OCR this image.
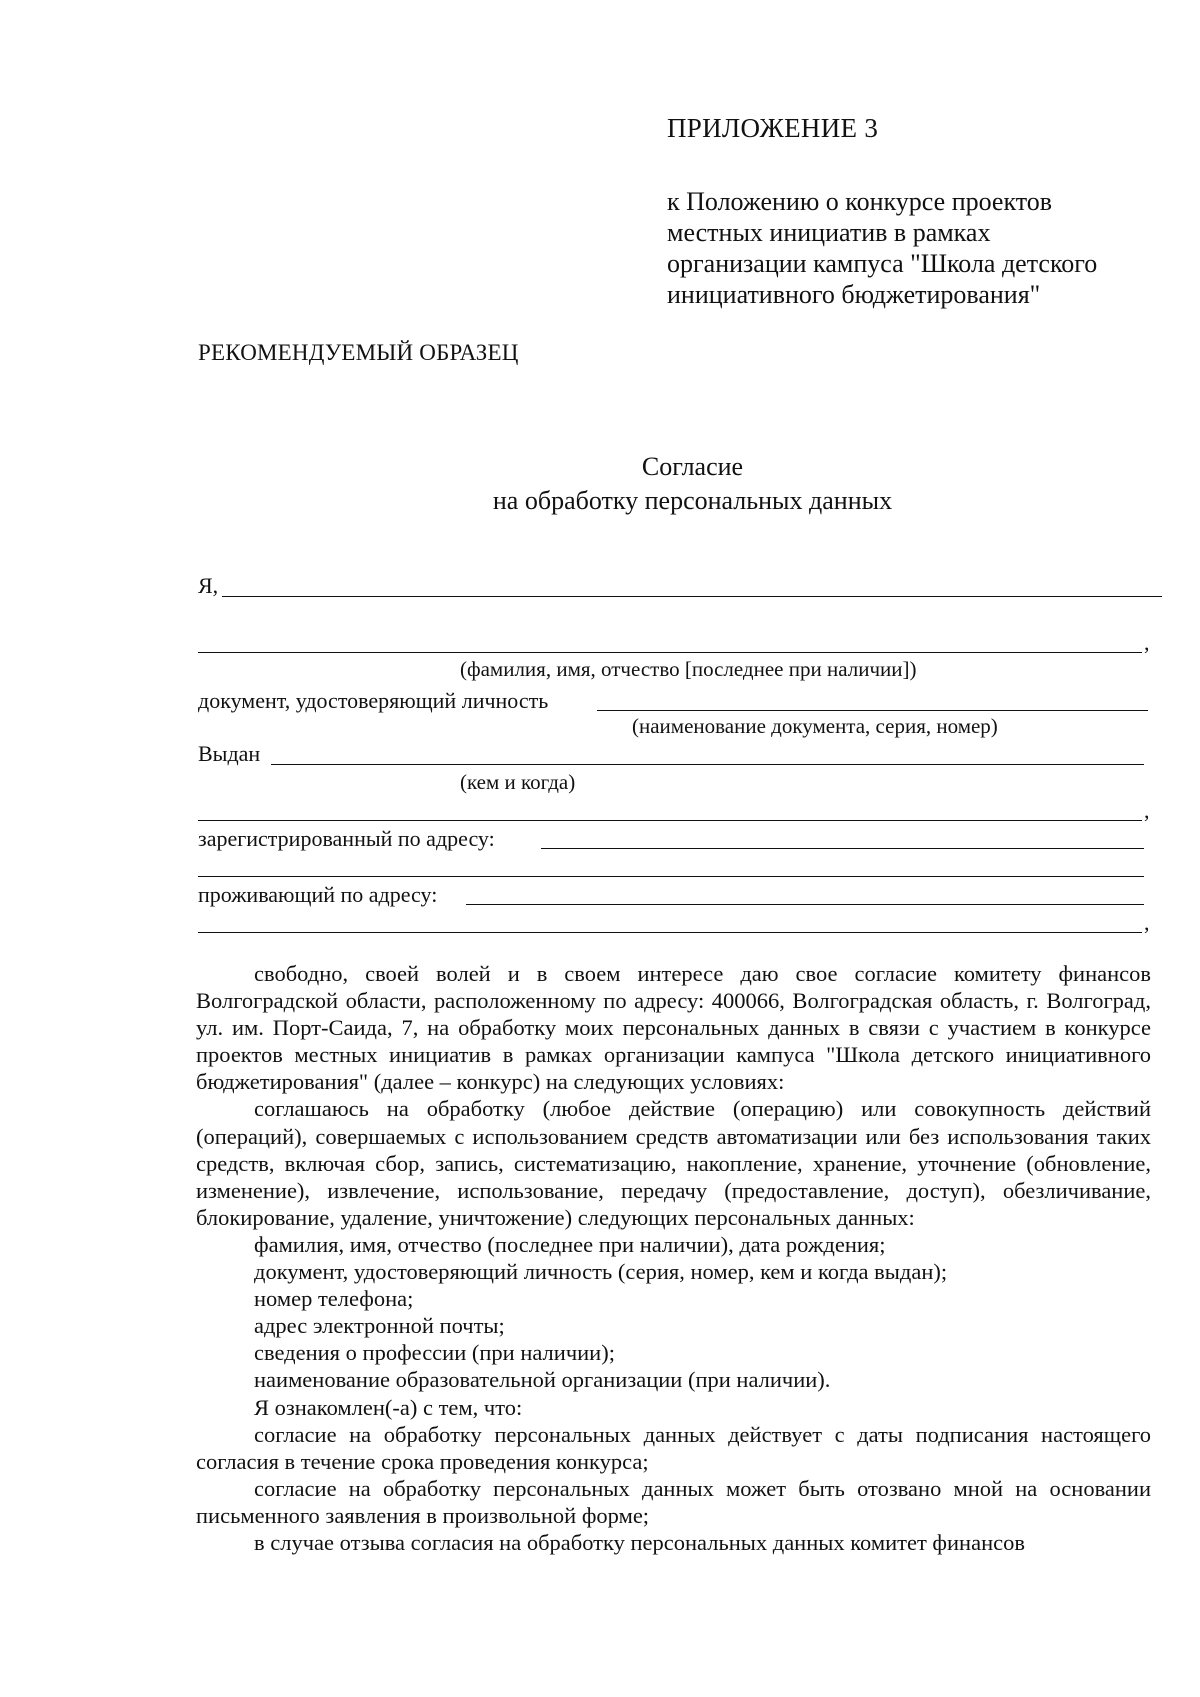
ПРИЛОЖЕНИЕ 3
к Положению о конкурсе проектов
местных инициатив в рамках
организации кампуса "Школа детского
инициативного бюджетирования"
РЕКОМЕНДУЕМЫЙ ОБРАЗЕЦ
Согласие
на обработку персональных данных
Я,
,
(фамилия, имя, отчество [последнее при наличии])
документ, удостоверяющий личность
(наименование документа, серия, номер)
Выдан
(кем и когда)
,
зарегистрированный по адресу:
проживающий по адресу:
,

свободно, своей волей и в своем интересе даю свое согласие комитету финансов Волгоградской области, расположенному по адресу: 400066, Волгоградская область, г. Волгоград, ул. им. Порт-Саида, 7, на обработку моих персональных данных в связи с участием в конкурсе проектов местных инициатив в рамках организации кампуса "Школа детского инициативного бюджетирования" (далее – конкурс) на следующих условиях:

соглашаюсь на обработку (любое действие (операцию) или совокупность действий (операций), совершаемых с использованием средств автоматизации или без использования таких средств, включая сбор, запись, систематизацию, накопление, хранение, уточнение (обновление, изменение), извлечение, использование, передачу (предоставление, доступ), обезличивание, блокирование, удаление, уничтожение) следующих персональных данных:

фамилия, имя, отчество (последнее при наличии), дата рождения;

документ, удостоверяющий личность (серия, номер, кем и когда выдан);

номер телефона;

адрес электронной почты;

сведения о профессии (при наличии);

наименование образовательной организации (при наличии).

Я ознакомлен(-а) с тем, что:

согласие на обработку персональных данных действует с даты подписания настоящего согласия в течение срока проведения конкурса;

согласие на обработку персональных данных может быть отозвано мной на основании письменного заявления в произвольной форме;

в случае отзыва согласия на обработку персональных данных комитет финансов
